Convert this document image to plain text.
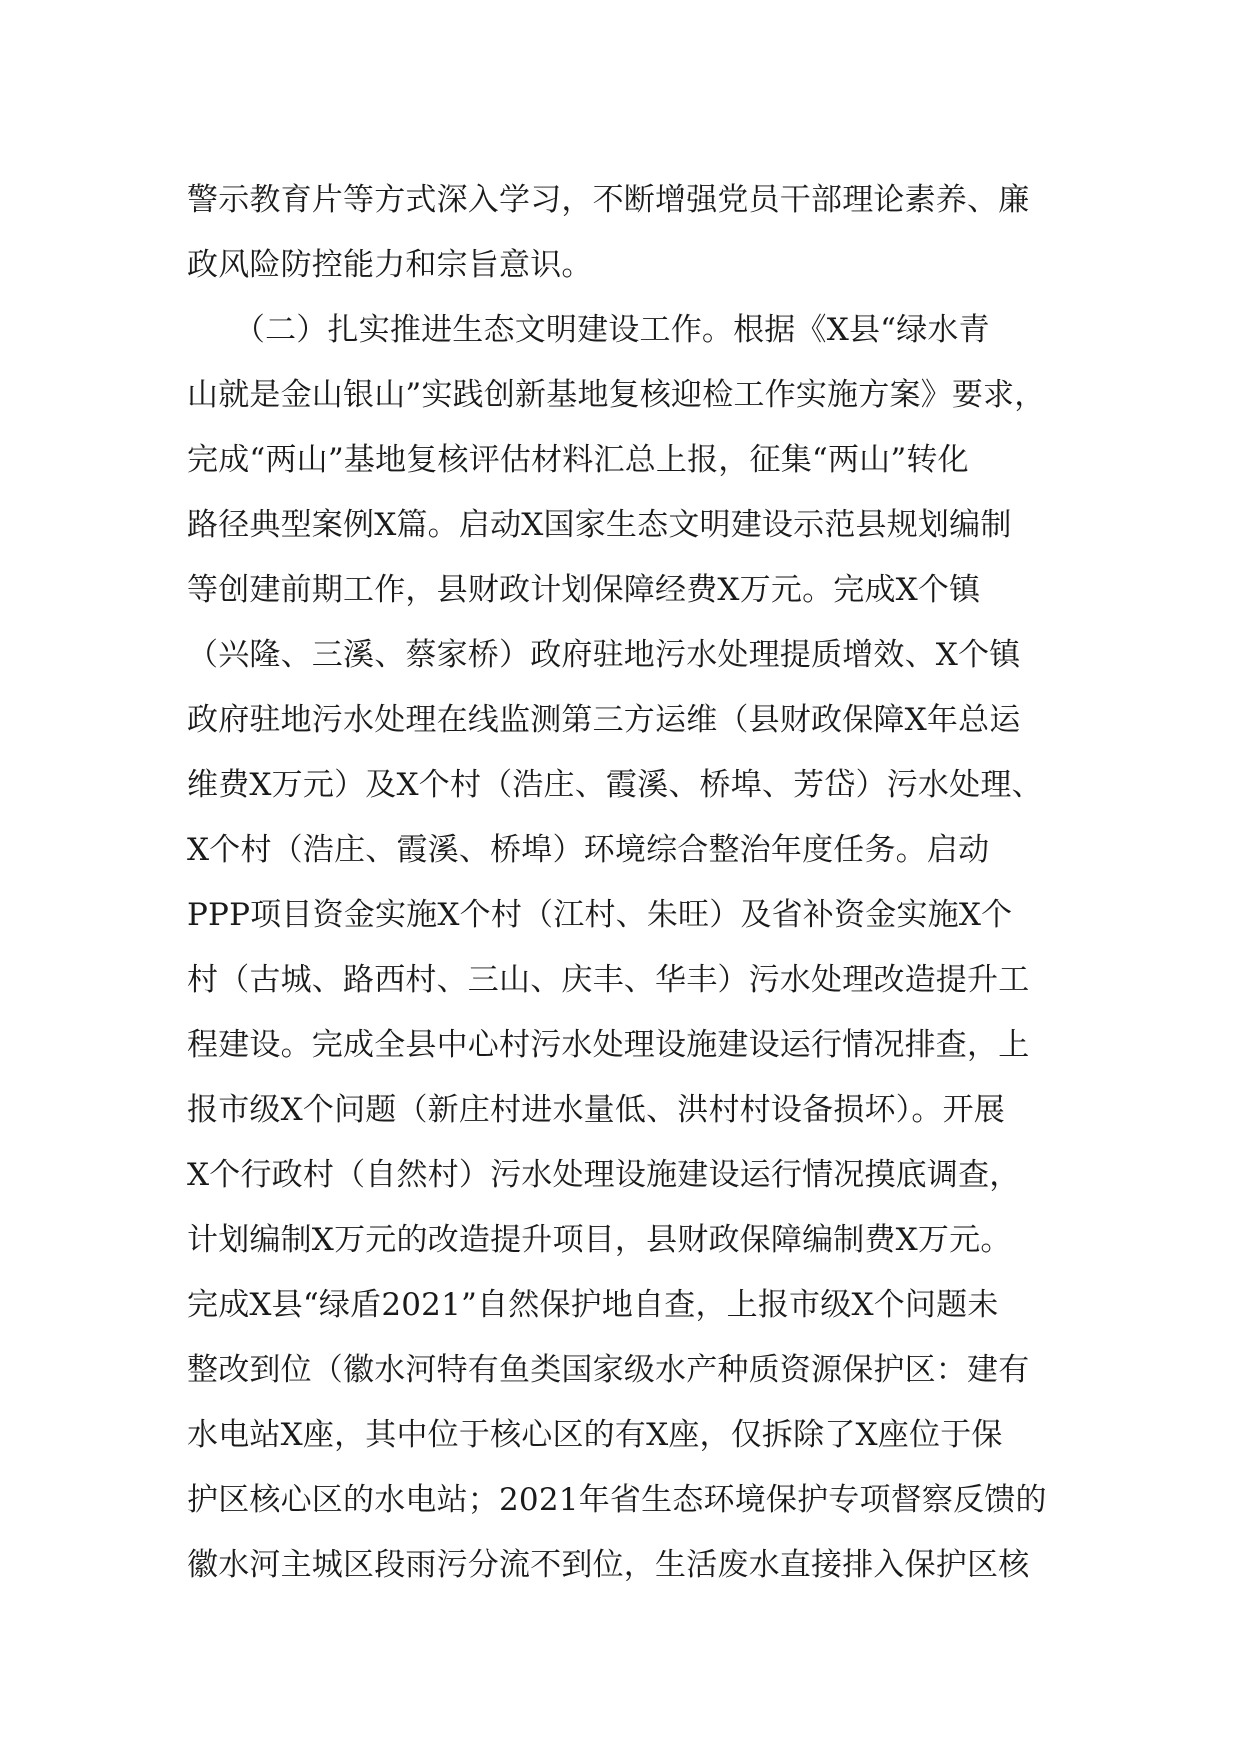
警示教育片等方式深入学习，不断增强党员干部理论素养、廉
政风险防控能力和宗旨意识。
　　（二）扎实推进生态文明建设工作。根据《X县“绿水青
山就是金山银山”实践创新基地复核迎检工作实施方案》要求，
完成“两山”基地复核评估材料汇总上报，征集“两山”转化
路径典型案例X篇。启动X国家生态文明建设示范县规划编制
等创建前期工作，县财政计划保障经费X万元。完成X个镇
（兴隆、三溪、蔡家桥）政府驻地污水处理提质增效、X个镇
政府驻地污水处理在线监测第三方运维（县财政保障X年总运
维费X万元）及X个村（浩庄、霞溪、桥埠、芳岱）污水处理、
X个村（浩庄、霞溪、桥埠）环境综合整治年度任务。启动
PPP项目资金实施X个村（江村、朱旺）及省补资金实施X个
村（古城、路西村、三山、庆丰、华丰）污水处理改造提升工
程建设。完成全县中心村污水处理设施建设运行情况排查，上
报市级X个问题（新庄村进水量低、洪村村设备损坏）。开展
X个行政村（自然村）污水处理设施建设运行情况摸底调查，
计划编制X万元的改造提升项目，县财政保障编制费X万元。
完成X县“绿盾2021”自然保护地自查，上报市级X个问题未
整改到位（徽水河特有鱼类国家级水产种质资源保护区：建有
水电站X座，其中位于核心区的有X座，仅拆除了X座位于保
护区核心区的水电站；2021年省生态环境保护专项督察反馈的
徽水河主城区段雨污分流不到位，生活废水直接排入保护区核
